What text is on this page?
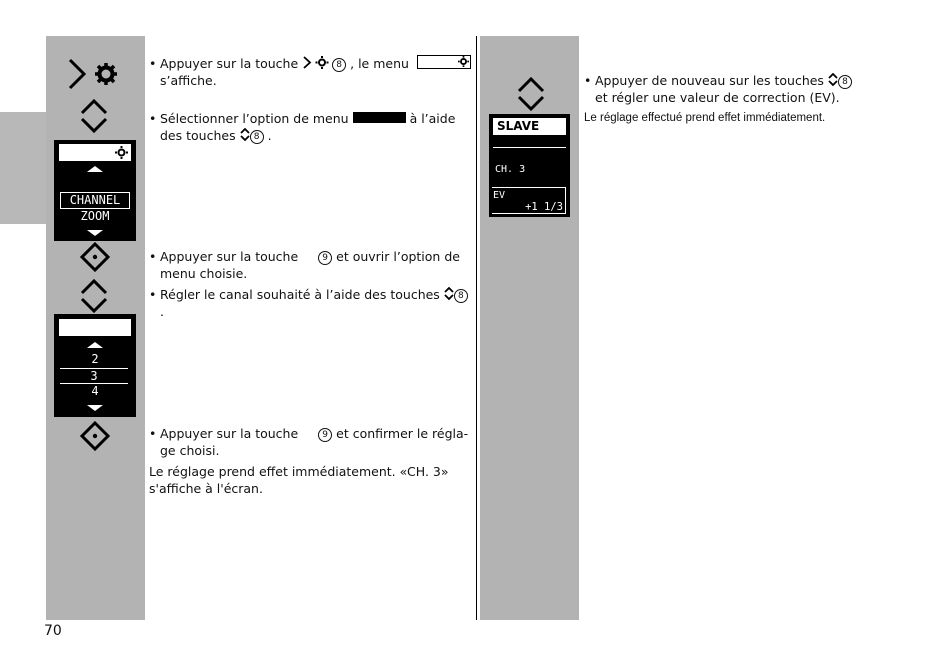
CHANNEL
ZOOM
2
3
4
• Appuyer sur la touche	8 , le menu

s’affiche.
• Sélectionner l’option de menu	à l’aide
des touches 8 .
• Appuyer sur la touche	9 et ouvrir l’option de
menu choisie.
• Régler le canal souhaité à l’aide des touches 8
.
• Appuyer sur la touche	9 et confirmer le régla-
ge choisi.
Le réglage prend effet immédiatement. «CH. 3»
s'affiche à l'écran.
SLAVE
CH. 3
EV
+1 1/3
• Appuyer de nouveau sur les touches 8
et régler une valeur de correction (EV).
Le réglage effectué prend effet immédiatement.
70
